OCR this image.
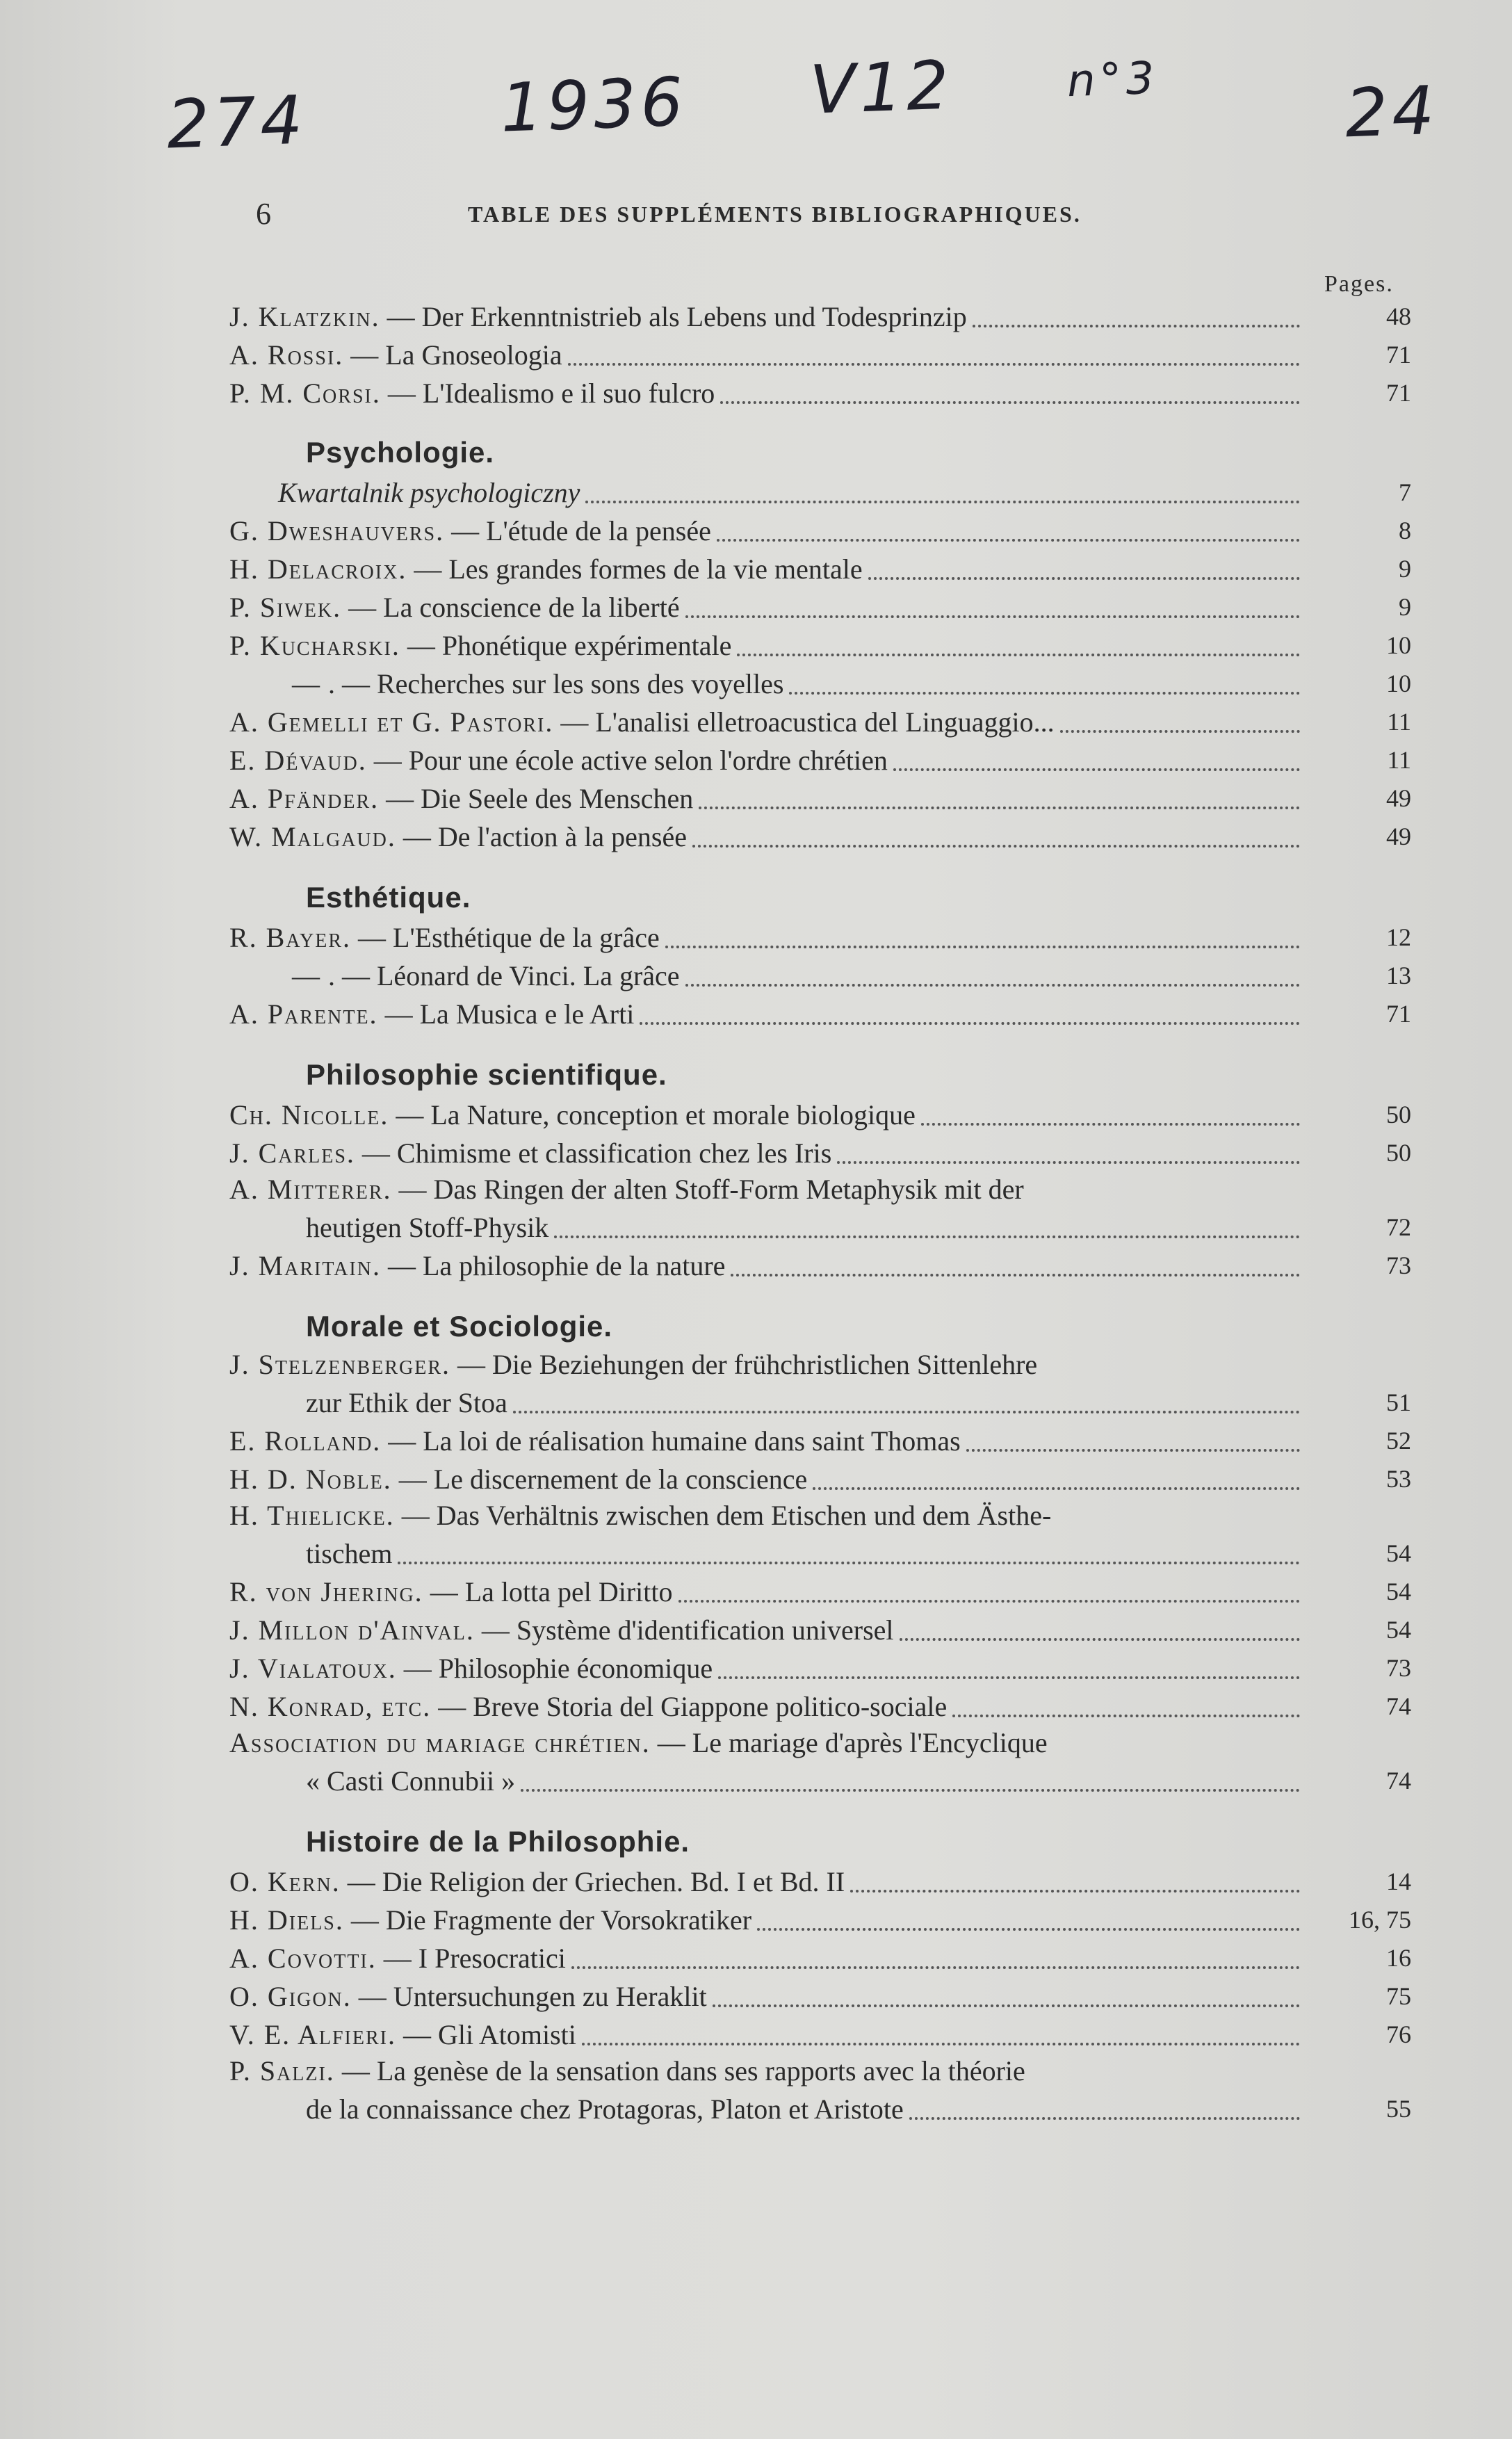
274	1936 V12	n°3	24
6	TABLE DES SUPPLÉMENTS BIBLIOGRAPHIQUES.
Pages.
J. Klatzkin. — Der Erkenntnistrieb als Lebens und Todesprinzip	48
A. Rossi. — La Gnoseologia	71
P. M. Corsi. — L'Idealismo e il suo fulcro	71
Psychologie.
Kwartalnik psychologiczny	7
G. Dweshauvers. — L'étude de la pensée	8
H. Delacroix. — Les grandes formes de la vie mentale	9
P. Siwek. — La conscience de la liberté	9
P. Kucharski. — Phonétique expérimentale	10
— . — Recherches sur les sons des voyelles	10
A. Gemelli et G. Pastori. — L'analisi elletroacustica del Linguaggio...	11
E. Dévaud. — Pour une école active selon l'ordre chrétien	11
A. Pfänder. — Die Seele des Menschen	49
W. Malgaud. — De l'action à la pensée	49
Esthétique.
R. Bayer. — L'Esthétique de la grâce	12
— . — Léonard de Vinci. La grâce	13
A. Parente. — La Musica e le Arti	71
Philosophie scientifique.
Ch. Nicolle. — La Nature, conception et morale biologique	50
J. Carles. — Chimisme et classification chez les Iris	50
A. Mitterer. — Das Ringen der alten Stoff-Form Metaphysik mit der
heutigen Stoff-Physik	72
J. Maritain. — La philosophie de la nature	73
Morale et Sociologie.
J. Stelzenberger. — Die Beziehungen der frühchristlichen Sittenlehre
zur Ethik der Stoa	51
E. Rolland. — La loi de réalisation humaine dans saint Thomas	52
H. D. Noble. — Le discernement de la conscience	53
H. Thielicke. — Das Verhältnis zwischen dem Etischen und dem Ästhe-
tischem	54
R. von Jhering. — La lotta pel Diritto	54
J. Millon d'Ainval. — Système d'identification universel	54
J. Vialatoux. — Philosophie économique	73
N. Konrad, etc. — Breve Storia del Giappone politico-sociale	74
Association du mariage chrétien. — Le mariage d'après l'Encyclique
« Casti Connubii »	74
Histoire de la Philosophie.
O. Kern. — Die Religion der Griechen. Bd. I et Bd. II	14
H. Diels. — Die Fragmente der Vorsokratiker	16, 75
A. Covotti. — I Presocratici	16
O. Gigon. — Untersuchungen zu Heraklit	75
V. E. Alfieri. — Gli Atomisti	76
P. Salzi. — La genèse de la sensation dans ses rapports avec la théorie
de la connaissance chez Protagoras, Platon et Aristote	55
